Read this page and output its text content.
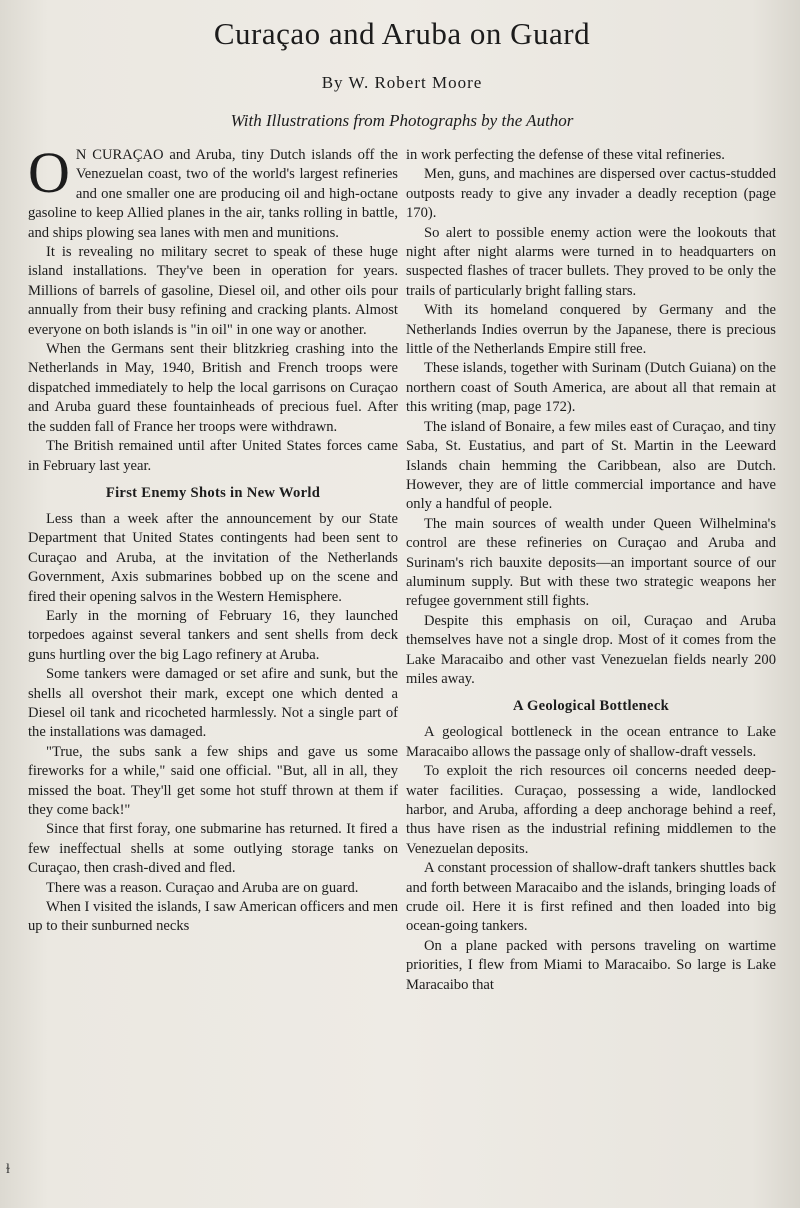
Curaçao and Aruba on Guard
By W. Robert Moore
With Illustrations from Photographs by the Author

O N CURAÇAO and Aruba, tiny Dutch islands off the Venezuelan coast, two of the world's largest refineries and one smaller one are producing oil and high-octane gasoline to keep Allied planes in the air, tanks rolling in battle, and ships plowing sea lanes with men and munitions.

It is revealing no military secret to speak of these huge island installations. They've been in operation for years. Millions of barrels of gasoline, Diesel oil, and other oils pour annually from their busy refining and cracking plants. Almost everyone on both islands is "in oil" in one way or another.

When the Germans sent their blitzkrieg crashing into the Netherlands in May, 1940, British and French troops were dispatched immediately to help the local garrisons on Curaçao and Aruba guard these fountainheads of precious fuel. After the sudden fall of France her troops were withdrawn.

The British remained until after United States forces came in February last year.

First Enemy Shots in New World

Less than a week after the announcement by our State Department that United States contingents had been sent to Curaçao and Aruba, at the invitation of the Netherlands Government, Axis submarines bobbed up on the scene and fired their opening salvos in the Western Hemisphere.

Early in the morning of February 16, they launched torpedoes against several tankers and sent shells from deck guns hurtling over the big Lago refinery at Aruba.

Some tankers were damaged or set afire and sunk, but the shells all overshot their mark, except one which dented a Diesel oil tank and ricocheted harmlessly. Not a single part of the installations was damaged.

"True, the subs sank a few ships and gave us some fireworks for a while," said one official. "But, all in all, they missed the boat. They'll get some hot stuff thrown at them if they come back!"

Since that first foray, one submarine has returned. It fired a few ineffectual shells at some outlying storage tanks on Curaçao, then crash-dived and fled.

There was a reason. Curaçao and Aruba are on guard.

When I visited the islands, I saw American officers and men up to their sunburned necks

in work perfecting the defense of these vital refineries.

Men, guns, and machines are dispersed over cactus-studded outposts ready to give any invader a deadly reception (page 170).

So alert to possible enemy action were the lookouts that night after night alarms were turned in to headquarters on suspected flashes of tracer bullets. They proved to be only the trails of particularly bright falling stars.

With its homeland conquered by Germany and the Netherlands Indies overrun by the Japanese, there is precious little of the Netherlands Empire still free.

These islands, together with Surinam (Dutch Guiana) on the northern coast of South America, are about all that remain at this writing (map, page 172).

The island of Bonaire, a few miles east of Curaçao, and tiny Saba, St. Eustatius, and part of St. Martin in the Leeward Islands chain hemming the Caribbean, also are Dutch. However, they are of little commercial importance and have only a handful of people.

The main sources of wealth under Queen Wilhelmina's control are these refineries on Curaçao and Aruba and Surinam's rich bauxite deposits—an important source of our aluminum supply. But with these two strategic weapons her refugee government still fights.

Despite this emphasis on oil, Curaçao and Aruba themselves have not a single drop. Most of it comes from the Lake Maracaibo and other vast Venezuelan fields nearly 200 miles away.

A Geological Bottleneck

A geological bottleneck in the ocean entrance to Lake Maracaibo allows the passage only of shallow-draft vessels.

To exploit the rich resources oil concerns needed deep-water facilities. Curaçao, possessing a wide, landlocked harbor, and Aruba, affording a deep anchorage behind a reef, thus have risen as the industrial refining middlemen to the Venezuelan deposits.

A constant procession of shallow-draft tankers shuttles back and forth between Maracaibo and the islands, bringing loads of crude oil. Here it is first refined and then loaded into big ocean-going tankers.

On a plane packed with persons traveling on wartime priorities, I flew from Miami to Maracaibo. So large is Lake Maracaibo that

ɫ
